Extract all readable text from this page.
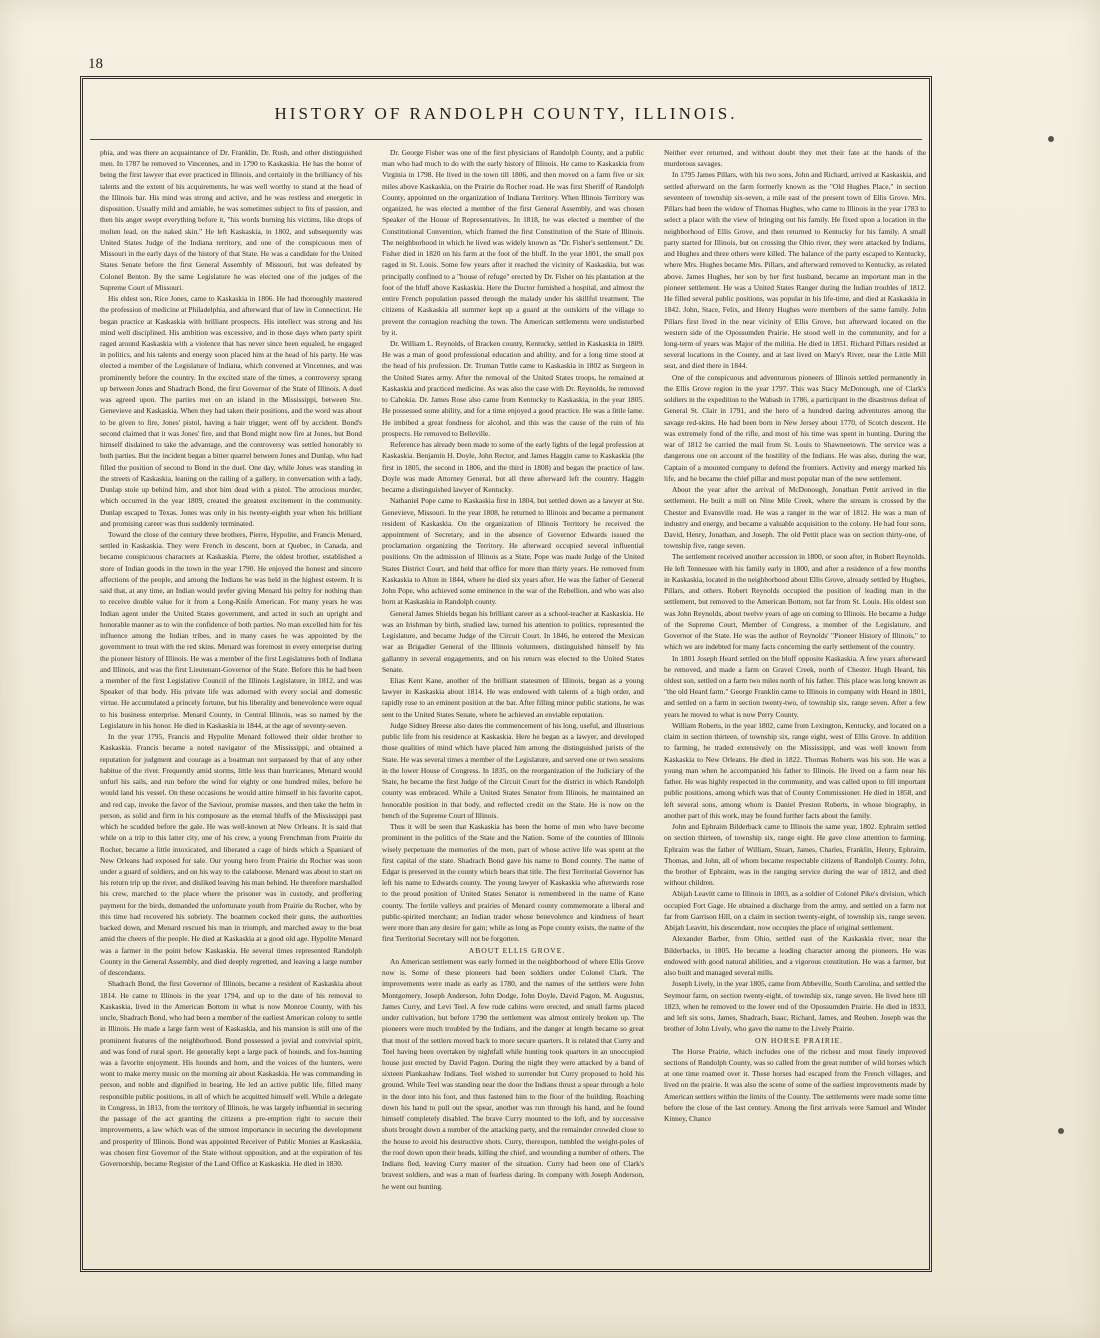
18
HISTORY OF RANDOLPH COUNTY, ILLINOIS.

phia, and was there an acquaintance of Dr. Franklin, Dr. Rush, and other distinguished men. In 1787 he removed to Vincennes, and in 1790 to Kaskaskia. He has the honor of being the first lawyer that ever practiced in Illinois, and certainly in the brilliancy of his talents and the extent of his acquirements, he was well worthy to stand at the head of the Illinois bar. His mind was strong and active, and he was restless and energetic in disposition. Usually mild and amiable, he was sometimes subject to fits of passion, and then his anger swept everything before it, "his words burning his victims, like drops of molten lead, on the naked skin." He left Kaskaskia, in 1802, and subsequently was United States Judge of the Indiana territory, and one of the conspicuous men of Missouri in the early days of the history of that State. He was a candidate for the United States Senate before the first General Assembly of Missouri, but was defeated by Colonel Benton. By the same Legislature he was elected one of the judges of the Supreme Court of Missouri.

His eldest son, Rice Jones, came to Kaskaskia in 1806. He had thoroughly mastered the profession of medicine at Philadelphia, and afterward that of law in Connecticut. He began practice at Kaskaskia with brilliant prospects. His intellect was strong and his mind well disciplined. His ambition was excessive, and in those days when party spirit raged around Kaskaskia with a violence that has never since been equaled, he engaged in politics, and his talents and energy soon placed him at the head of his party. He was elected a member of the Legislature of Indiana, which convened at Vincennes, and was prominently before the country. In the excited state of the times, a controversy sprang up between Jones and Shadrach Bond, the first Governor of the State of Illinois. A duel was agreed upon. The parties met on an island in the Mississippi, between Ste. Genevieve and Kaskaskia. When they had taken their positions, and the word was about to be given to fire, Jones' pistol, having a hair trigger, went off by accident. Bond's second claimed that it was Jones' fire, and that Bond might now fire at Jones, but Bond himself disdained to take the advantage, and the controversy was settled honorably to both parties. But the incident began a bitter quarrel between Jones and Dunlap, who had filled the position of second to Bond in the duel. One day, while Jones was standing in the streets of Kaskaskia, leaning on the railing of a gallery, in conversation with a lady, Dunlap stole up behind him, and shot him dead with a pistol. The atrocious murder, which occurred in the year 1809, created the greatest excitement in the community. Dunlap escaped to Texas. Jones was only in his twenty-eighth year when his brilliant and promising career was thus suddenly terminated.

Toward the close of the century three brothers, Pierre, Hypolite, and Francis Menard, settled in Kaskaskia. They were French in descent, born at Quebec, in Canada, and became conspicuous characters at Kaskaskia. Pierre, the oldest brother, established a store of Indian goods in the town in the year 1790. He enjoyed the honest and sincere affections of the people, and among the Indians he was held in the highest esteem. It is said that, at any time, an Indian would prefer giving Menard his peltry for nothing than to receive double value for it from a Long-Knife American. For many years he was Indian agent under the United States government, and acted in such an upright and honorable manner as to win the confidence of both parties. No man excelled him for his influence among the Indian tribes, and in many cases he was appointed by the government to treat with the red skins. Menard was foremost in every enterprise during the pioneer history of Illinois. He was a member of the first Legislatures both of Indiana and Illinois, and was the first Lieutenant-Governor of the State. Before this he had been a member of the first Legislative Council of the Illinois Legislature, in 1812, and was Speaker of that body. His private life was adorned with every social and domestic virtue. He accumulated a princely fortune, but his liberality and benevolence were equal to his business enterprise. Menard County, in Central Illinois, was so named by the Legislature in his honor. He died in Kaskaskia in 1844, at the age of seventy-seven.

In the year 1795, Francis and Hypolite Menard followed their older brother to Kaskaskia. Francis became a noted navigator of the Mississippi, and obtained a reputation for judgment and courage as a boatman not surpassed by that of any other habitue of the river. Frequently amid storms, little less than hurricanes, Menard would unfurl his sails, and run before the wind for eighty or one hundred miles, before he would land his vessel. On these occasions he would attire himself in his favorite capot, and red cap, invoke the favor of the Saviour, promise masses, and then take the helm in person, as solid and firm in his composure as the eternal bluffs of the Mississippi past which he scudded before the gale. He was well-known at New Orleans. It is said that while on a trip to this latter city, one of his crew, a young Frenchman from Prairie du Rocher, became a little intoxicated, and liberated a cage of birds which a Spaniard of New Orleans had exposed for sale. Our young hero from Prairie du Rocher was soon under a guard of soldiers, and on his way to the calaboose. Menard was about to start on his return trip up the river, and disliked leaving his man behind. He therefore marshalled his crew, marched to the place where the prisoner was in custody, and proffering payment for the birds, demanded the unfortunate youth from Prairie du Rocher, who by this time had recovered his sobriety. The boatmen cocked their guns, the authorities backed down, and Menard rescued his man in triumph, and marched away to the boat amid the cheers of the people. He died at Kaskaskia at a good old age. Hypolite Menard was a farmer in the point below Kaskaskia. He several times represented Randolph County in the General Assembly, and died deeply regretted, and leaving a large number of descendants.

Shadrach Bond, the first Governor of Illinois, became a resident of Kaskaskia about 1814. He came to Illinois in the year 1794, and up to the date of his removal to Kaskaskia, lived in the American Bottom in what is now Monroe County, with his uncle, Shadrach Bond, who had been a member of the earliest American colony to settle in Illinois. He made a large farm west of Kaskaskia, and his mansion is still one of the prominent features of the neighborhood. Bond possessed a jovial and convivial spirit, and was fond of rural sport. He generally kept a large pack of hounds, and fox-hunting was a favorite enjoyment. His hounds and horn, and the voices of the hunters, were wont to make merry music on the morning air about Kaskaskia. He was commanding in person, and noble and dignified in bearing. He led an active public life, filled many responsible public positions, in all of which he acquitted himself well. While a delegate in Congress, in 1813, from the territory of Illinois, he was largely influential in securing the passage of the act granting the citizens a pre-emption right to secure their improvements, a law which was of the utmost importance in securing the development and prosperity of Illinois. Bond was appointed Receiver of Public Monies at Kaskaskia, was chosen first Governor of the State without opposition, and at the expiration of his Governorship, became Register of the Land Office at Kaskaskia. He died in 1830.

Dr. George Fisher was one of the first physicians of Randolph County, and a public man who had much to do with the early history of Illinois. He came to Kaskaskia from Virginia in 1798. He lived in the town till 1806, and then moved on a farm five or six miles above Kaskaskia, on the Prairie du Rocher road. He was first Sheriff of Randolph County, appointed on the organization of Indiana Territory. When Illinois Territory was organized, he was elected a member of the first General Assembly, and was chosen Speaker of the House of Representatives. In 1818, he was elected a member of the Constitutional Convention, which framed the first Constitution of the State of Illinois. The neighborhood in which he lived was widely known as "Dr. Fisher's settlement." Dr. Fisher died in 1820 on his farm at the foot of the bluff. In the year 1801, the small pox raged in St. Louis. Some few years after it reached the vicinity of Kaskaskia, but was principally confined to a "house of refuge" erected by Dr. Fisher on his plantation at the foot of the bluff above Kaskaskia. Here the Doctor furnished a hospital, and almost the entire French population passed through the malady under his skillful treatment. The citizens of Kaskaskia all summer kept up a guard at the outskirts of the village to prevent the contagion reaching the town. The American settlements were undisturbed by it.

Dr. William L. Reynolds, of Bracken county, Kentucky, settled in Kaskaskia in 1809. He was a man of good professional education and ability, and for a long time stood at the head of his profession. Dr. Truman Tuttle came to Kaskaskia in 1802 as Surgeon in the United States army. After the removal of the United States troops, he remained at Kaskaskia and practiced medicine. As was also the case with Dr. Reynolds, he removed to Cahokia. Dr. James Rose also came from Kentucky to Kaskaskia, in the year 1805. He possessed some ability, and for a time enjoyed a good practice. He was a little lame. He imbibed a great fondness for alcohol, and this was the cause of the ruin of his prospects. He removed to Belleville.

Reference has already been made to some of the early lights of the legal profession at Kaskaskia. Benjamin H. Doyle, John Rector, and James Haggin came to Kaskaskia (the first in 1805, the second in 1806, and the third in 1808) and began the practice of law. Doyle was made Attorney General, but all three afterward left the country. Haggin became a distinguished lawyer of Kentucky.

Nathaniel Pope came to Kaskaskia first in 1804, but settled down as a lawyer at Ste. Genevieve, Missouri. In the year 1808, he returned to Illinois and became a permanent resident of Kaskaskia. On the organization of Illinois Territory he received the appointment of Secretary, and in the absence of Governor Edwards issued the proclamation organizing the Territory. He afterward occupied several influential positions. On the admission of Illinois as a State, Pope was made Judge of the United States District Court, and held that office for more than thirty years. He removed from Kaskaskia to Alton in 1844, where he died six years after. He was the father of General John Pope, who achieved some eminence in the war of the Rebellion, and who was also born at Kaskaskia in Randolph county.

General James Shields began his brilliant career as a school-teacher at Kaskaskia. He was an Irishman by birth, studied law, turned his attention to politics, represented the Legislature, and became Judge of the Circuit Court. In 1846, he entered the Mexican war as Brigadier General of the Illinois volunteers, distinguished himself by his gallantry in several engagements, and on his return was elected to the United States Senate.

Elias Kent Kane, another of the brilliant statesmen of Illinois, began as a young lawyer in Kaskaskia about 1814. He was endowed with talents of a high order, and rapidly rose to an eminent position at the bar. After filling minor public stations, he was sent to the United States Senate, where he achieved an enviable reputation.

Judge Sidney Breese also dates the commencement of his long, useful, and illustrious public life from his residence at Kaskaskia. Here he began as a lawyer, and developed those qualities of mind which have placed him among the distinguished jurists of the State. He was several times a member of the Legislature, and served one or two sessions in the lower House of Congress. In 1835, on the reorganization of the Judiciary of the State, he became the first Judge of the Circuit Court for the district in which Randolph county was embraced. While a United States Senator from Illinois, he maintained an honorable position in that body, and reflected credit on the State. He is now on the bench of the Supreme Court of Illinois.

Thus it will be seen that Kaskaskia has been the home of men who have become prominent in the politics of the State and the Nation. Some of the counties of Illinois wisely perpetuate the memories of the men, part of whose active life was spent at the first capital of the state. Shadrach Bond gave his name to Bond county. The name of Edgar is preserved in the county which bears that title. The first Territorial Governor has left his name to Edwards county. The young lawyer of Kaskaskia who afterwards rose to the proud position of United States Senator is remembered in the name of Kane county. The fertile valleys and prairies of Menard county commemorate a liberal and public-spirited merchant; an Indian trader whose benevolence and kindness of heart were more than any desire for gain; while as long as Pope county exists, the name of the first Territorial Secretary will not be forgotten.

ABOUT ELLIS GROVE.

An American settlement was early formed in the neighborhood of where Ellis Grove now is. Some of these pioneers had been soldiers under Colonel Clark. The improvements were made as early as 1780, and the names of the settlers were John Montgomery, Joseph Anderson, John Dodge, John Doyle, David Pagon, M. Augustus, James Curry, and Levi Teel. A few rude cabins were erected, and small farms placed under cultivation, but before 1790 the settlement was almost entirely broken up. The pioneers were much troubled by the Indians, and the danger at length became so great that most of the settlers moved back to more secure quarters. It is related that Curry and Teel having been overtaken by nightfall while hunting took quarters in an unoccupied house just erected by David Pagon. During the night they were attacked by a band of sixteen Piankashaw Indians. Teel wished to surrender but Curry proposed to hold his ground. While Teel was standing near the door the Indians thrust a spear through a hole in the door into his foot, and thus fastened him to the floor of the building. Reaching down his hand to pull out the spear, another was run through his hand, and he found himself completely disabled. The brave Curry mounted to the loft, and by successive shots brought down a number of the attacking party, and the remainder crowded close to the house to avoid his destructive shots. Curry, thereupon, tumbled the weight-poles of the roof down upon their heads, killing the chief, and wounding a number of others. The Indians fled, leaving Curry master of the situation. Curry had been one of Clark's bravest soldiers, and was a man of fearless daring. In company with Joseph Anderson, he went out hunting.

Neither ever returned, and without doubt they met their fate at the hands of the murderous savages.

In 1795 James Pillars, with his two sons, John and Richard, arrived at Kaskaskia, and settled afterward on the farm formerly known as the "Old Hughes Place," in section seventeen of township six-seven, a mile east of the present town of Ellis Grove. Mrs. Pillars had been the widow of Thomas Hughes, who came to Illinois in the year 1783 to select a place with the view of bringing out his family. He fixed upon a location in the neighborhood of Ellis Grove, and then returned to Kentucky for his family. A small party started for Illinois, but on crossing the Ohio river, they were attacked by Indians, and Hughes and three others were killed. The balance of the party escaped to Kentucky, where Mrs. Hughes became Mrs. Pillars, and afterward removed to Kentucky, as related above. James Hughes, her son by her first husband, became an important man in the pioneer settlement. He was a United States Ranger during the Indian troubles of 1812. He filled several public positions, was popular in his life-time, and died at Kaskaskia in 1842. John, Stace, Felix, and Henry Hughes were members of the same family. John Pillars first lived in the near vicinity of Ellis Grove, but afterward located on the western side of the Opossumden Prairie. He stood well in the community, and for a long-term of years was Major of the militia. He died in 1851. Richard Pillars resided at several locations in the County, and at last lived on Mary's River, near the Little Mill seat, and died there in 1844.

One of the conspicuous and adventurous pioneers of Illinois settled permanently in the Ellis Grove region in the year 1797. This was Stacy McDonough, one of Clark's soldiers in the expedition to the Wabash in 1786, a participant in the disastrous defeat of General St. Clair in 1791, and the hero of a hundred daring adventures among the savage red-skins. He had been born in New Jersey about 1770, of Scotch descent. He was extremely fond of the rifle, and most of his time was spent in hunting. During the war of 1812 he carried the mail from St. Louis to Shawneetown. The service was a dangerous one on account of the hostility of the Indians. He was also, during the war, Captain of a mounted company to defend the frontiers. Activity and energy marked his life, and he became the chief pillar and most popular man of the new settlement.

About the year after the arrival of McDonough, Jonathan Pettit arrived in the settlement. He built a mill on Nine Mile Creek, where the stream is crossed by the Chester and Evansville road. He was a ranger in the war of 1812. He was a man of industry and energy, and became a valuable acquisition to the colony. He had four sons, David, Henry, Jonathan, and Joseph. The old Pettit place was on section thirty-one, of township five, range seven.

The settlement received another accession in 1800, or soon after, in Robert Reynolds. He left Tennessee with his family early in 1800, and after a residence of a few months in Kaskaskia, located in the neighborhood about Ellis Grove, already settled by Hughes, Pillars, and others. Robert Reynolds occupied the position of leading man in the settlement, but removed to the American Bottom, not far from St. Louis. His oldest son was John Reynolds, about twelve years of age on coming to Illinois. He became a Judge of the Supreme Court, Member of Congress, a member of the Legislature, and Governor of the State. He was the author of Reynolds' "Pioneer History of Illinois," to which we are indebted for many facts concerning the early settlement of the country.

In 1801 Joseph Heard settled on the bluff opposite Kaskaskia. A few years afterward he removed, and made a farm on Gravel Creek, north of Chester. Hugh Heard, his oldest son, settled on a farm two miles north of his father. This place was long known as "the old Heard farm." George Franklin came to Illinois in company with Heard in 1801, and settled on a farm in section twenty-two, of township six, range seven. After a few years he moved to what is now Perry County.

William Roberts, in the year 1802, came from Lexington, Kentucky, and located on a claim in section thirteen, of township six, range eight, west of Ellis Grove. In addition to farming, he traded extensively on the Mississippi, and was well known from Kaskaskia to New Orleans. He died in 1822. Thomas Roberts was his son. He was a young man when he accompanied his father to Illinois. He lived on a farm near his father. He was highly respected in the community, and was called upon to fill important public positions, among which was that of County Commissioner. He died in 1858, and left several sons, among whom is Daniel Preston Roberts, in whose biography, in another part of this work, may be found further facts about the family.

John and Ephraim Bilderback came to Illinois the same year, 1802. Ephraim settled on section thirteen, of township six, range eight. He gave close attention to farming. Ephraim was the father of William, Stuart, James, Charles, Franklin, Henry, Ephraim, Thomas, and John, all of whom became respectable citizens of Randolph County. John, the brother of Ephraim, was in the ranging service during the war of 1812, and died without children.

Abijah Leavitt came to Illinois in 1803, as a soldier of Colonel Pike's division, which occupied Fort Gage. He obtained a discharge from the army, and settled on a farm not far from Garrison Hill, on a claim in section twenty-eight, of township six, range seven. Abijah Leavitt, his descendant, now occupies the place of original settlement.

Alexander Barber, from Ohio, settled east of the Kaskaskia river, near the Bilderbacks, in 1805. He became a leading character among the pioneers. He was endowed with good natural abilities, and a vigorous constitution. He was a farmer, but also built and managed several mills.

Joseph Lively, in the year 1805, came from Abbeville, South Carolina, and settled the Seymour farm, on section twenty-eight, of township six, range seven. He lived here till 1823, when he removed to the lower end of the Opossumden Prairie. He died in 1833, and left six sons, James, Shadrach, Isaac, Richard, James, and Reuben. Joseph was the brother of John Lively, who gave the name to the Lively Prairie.

ON HORSE PRAIRIE.

The Horse Prairie, which includes one of the richest and most finely improved sections of Randolph County, was so called from the great number of wild horses which at one time roamed over it. These horses had escaped from the French villages, and lived on the prairie. It was also the scene of some of the earliest improvements made by American settlers within the limits of the County. The settlements were made some time before the close of the last century. Among the first arrivals were Samuel and Winder Kinney, Chance
